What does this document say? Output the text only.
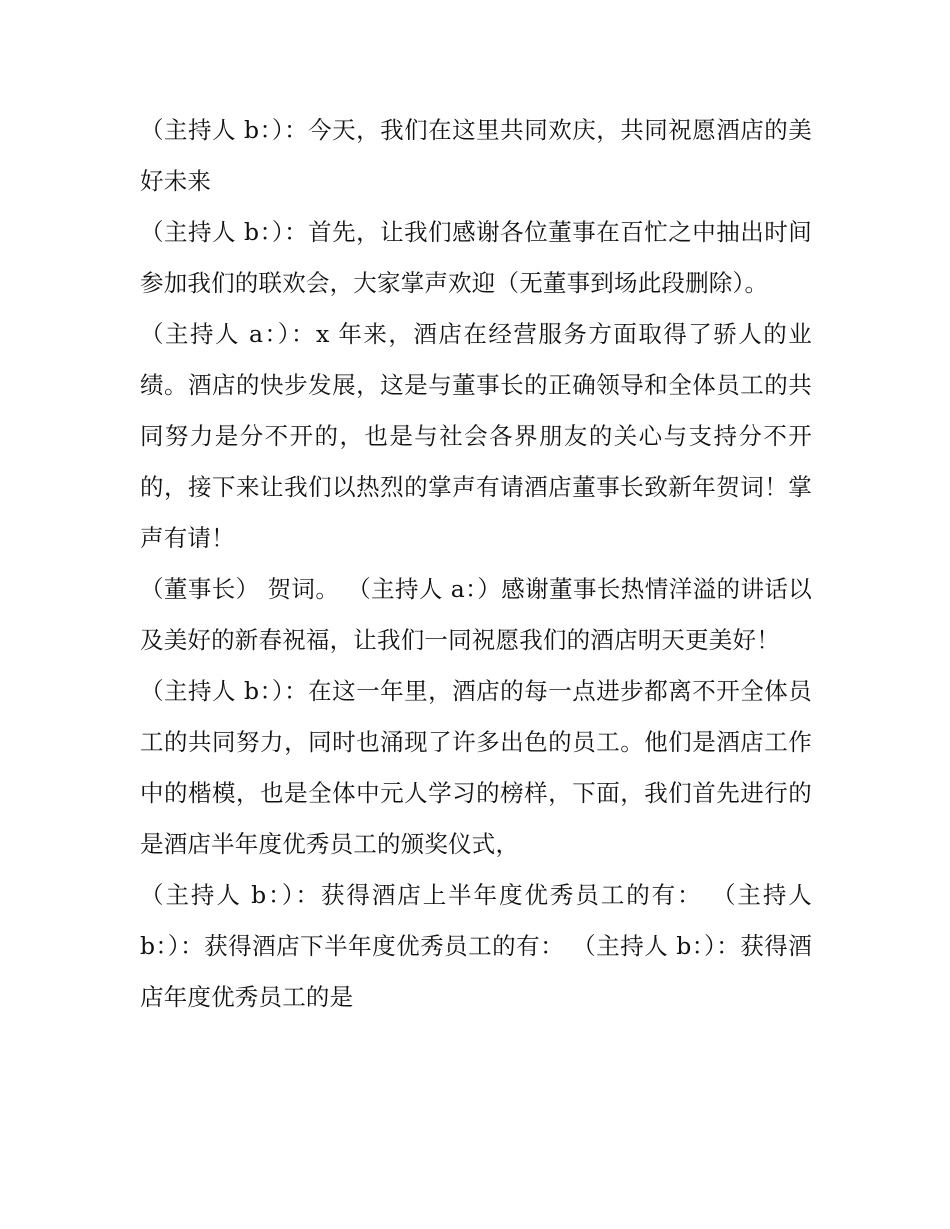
（主持人 b：）：今天，我们在这里共同欢庆，共同祝愿酒店的美好未来

（主持人 b：）：首先，让我们感谢各位董事在百忙之中抽出时间参加我们的联欢会，大家掌声欢迎（无董事到场此段删除）。

（主持人 a：）：x 年来，酒店在经营服务方面取得了骄人的业绩。酒店的快步发展，这是与董事长的正确领导和全体员工的共同努力是分不开的，也是与社会各界朋友的关心与支持分不开的，接下来让我们以热烈的掌声有请酒店董事长致新年贺词！掌声有请！

（董事长） 贺词。 （主持人 a：）感谢董事长热情洋溢的讲话以及美好的新春祝福，让我们一同祝愿我们的酒店明天更美好！

（主持人 b：）：在这一年里，酒店的每一点进步都离不开全体员工的共同努力，同时也涌现了许多出色的员工。他们是酒店工作中的楷模，也是全体中元人学习的榜样，下面，我们首先进行的是酒店半年度优秀员工的颁奖仪式，

（主持人 b：）：获得酒店上半年度优秀员工的有： （主持人 b：）：获得酒店下半年度优秀员工的有： （主持人 b：）：获得酒店年度优秀员工的是
